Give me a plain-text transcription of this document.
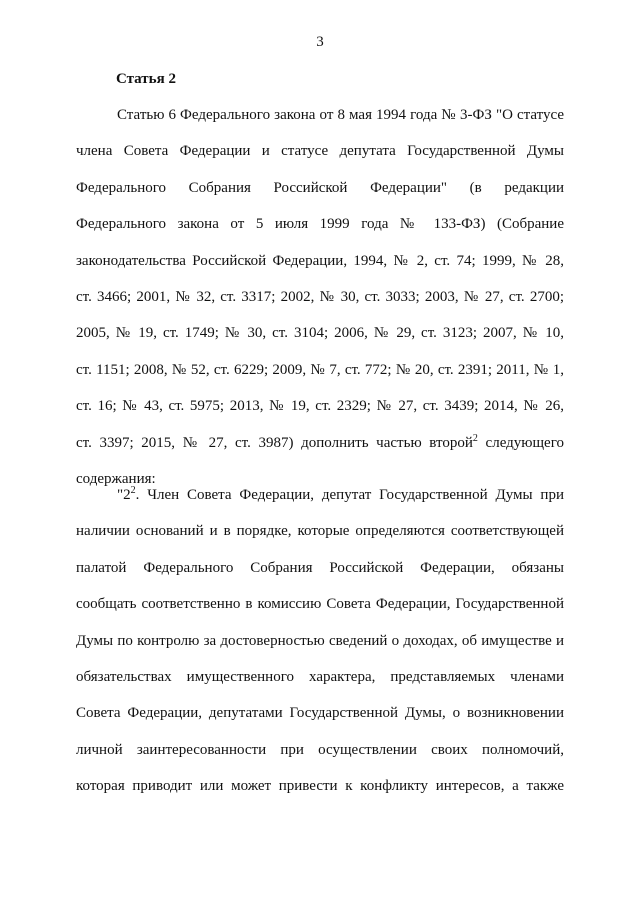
3
Статья 2
Статью 6 Федерального закона от 8 мая 1994 года № 3-ФЗ "О статусе
члена Совета Федерации и статусе депутата Государственной Думы
Федерального Собрания Российской Федерации" (в редакции
Федерального закона от 5 июля 1999 года № 133-ФЗ) (Собрание
законодательства Российской Федерации, 1994, № 2, ст. 74; 1999, № 28,
ст. 3466; 2001, № 32, ст. 3317; 2002, № 30, ст. 3033; 2003, № 27, ст. 2700;
2005, № 19, ст. 1749; № 30, ст. 3104; 2006, № 29, ст. 3123; 2007, № 10,
ст. 1151; 2008, № 52, ст. 6229; 2009, № 7, ст. 772; № 20, ст. 2391; 2011, № 1,
ст. 16; № 43, ст. 5975; 2013, № 19, ст. 2329; № 27, ст. 3439; 2014, № 26,
ст. 3397; 2015, № 27, ст. 3987) дополнить частью второй$^2$ следующего
содержания:
"$2^2$. Член Совета Федерации, депутат Государственной Думы при
наличии оснований и в порядке, которые определяются соответствующей
палатой Федерального Собрания Российской Федерации, обязаны
сообщать соответственно в комиссию Совета Федерации, Государственной
Думы по контролю за достоверностью сведений о доходах, об имуществе и
обязательствах имущественного характера, представляемых членами
Совета Федерации, депутатами Государственной Думы, о возникновении
личной заинтересованности при осуществлении своих полномочий,
которая приводит или может привести к конфликту интересов, а также
